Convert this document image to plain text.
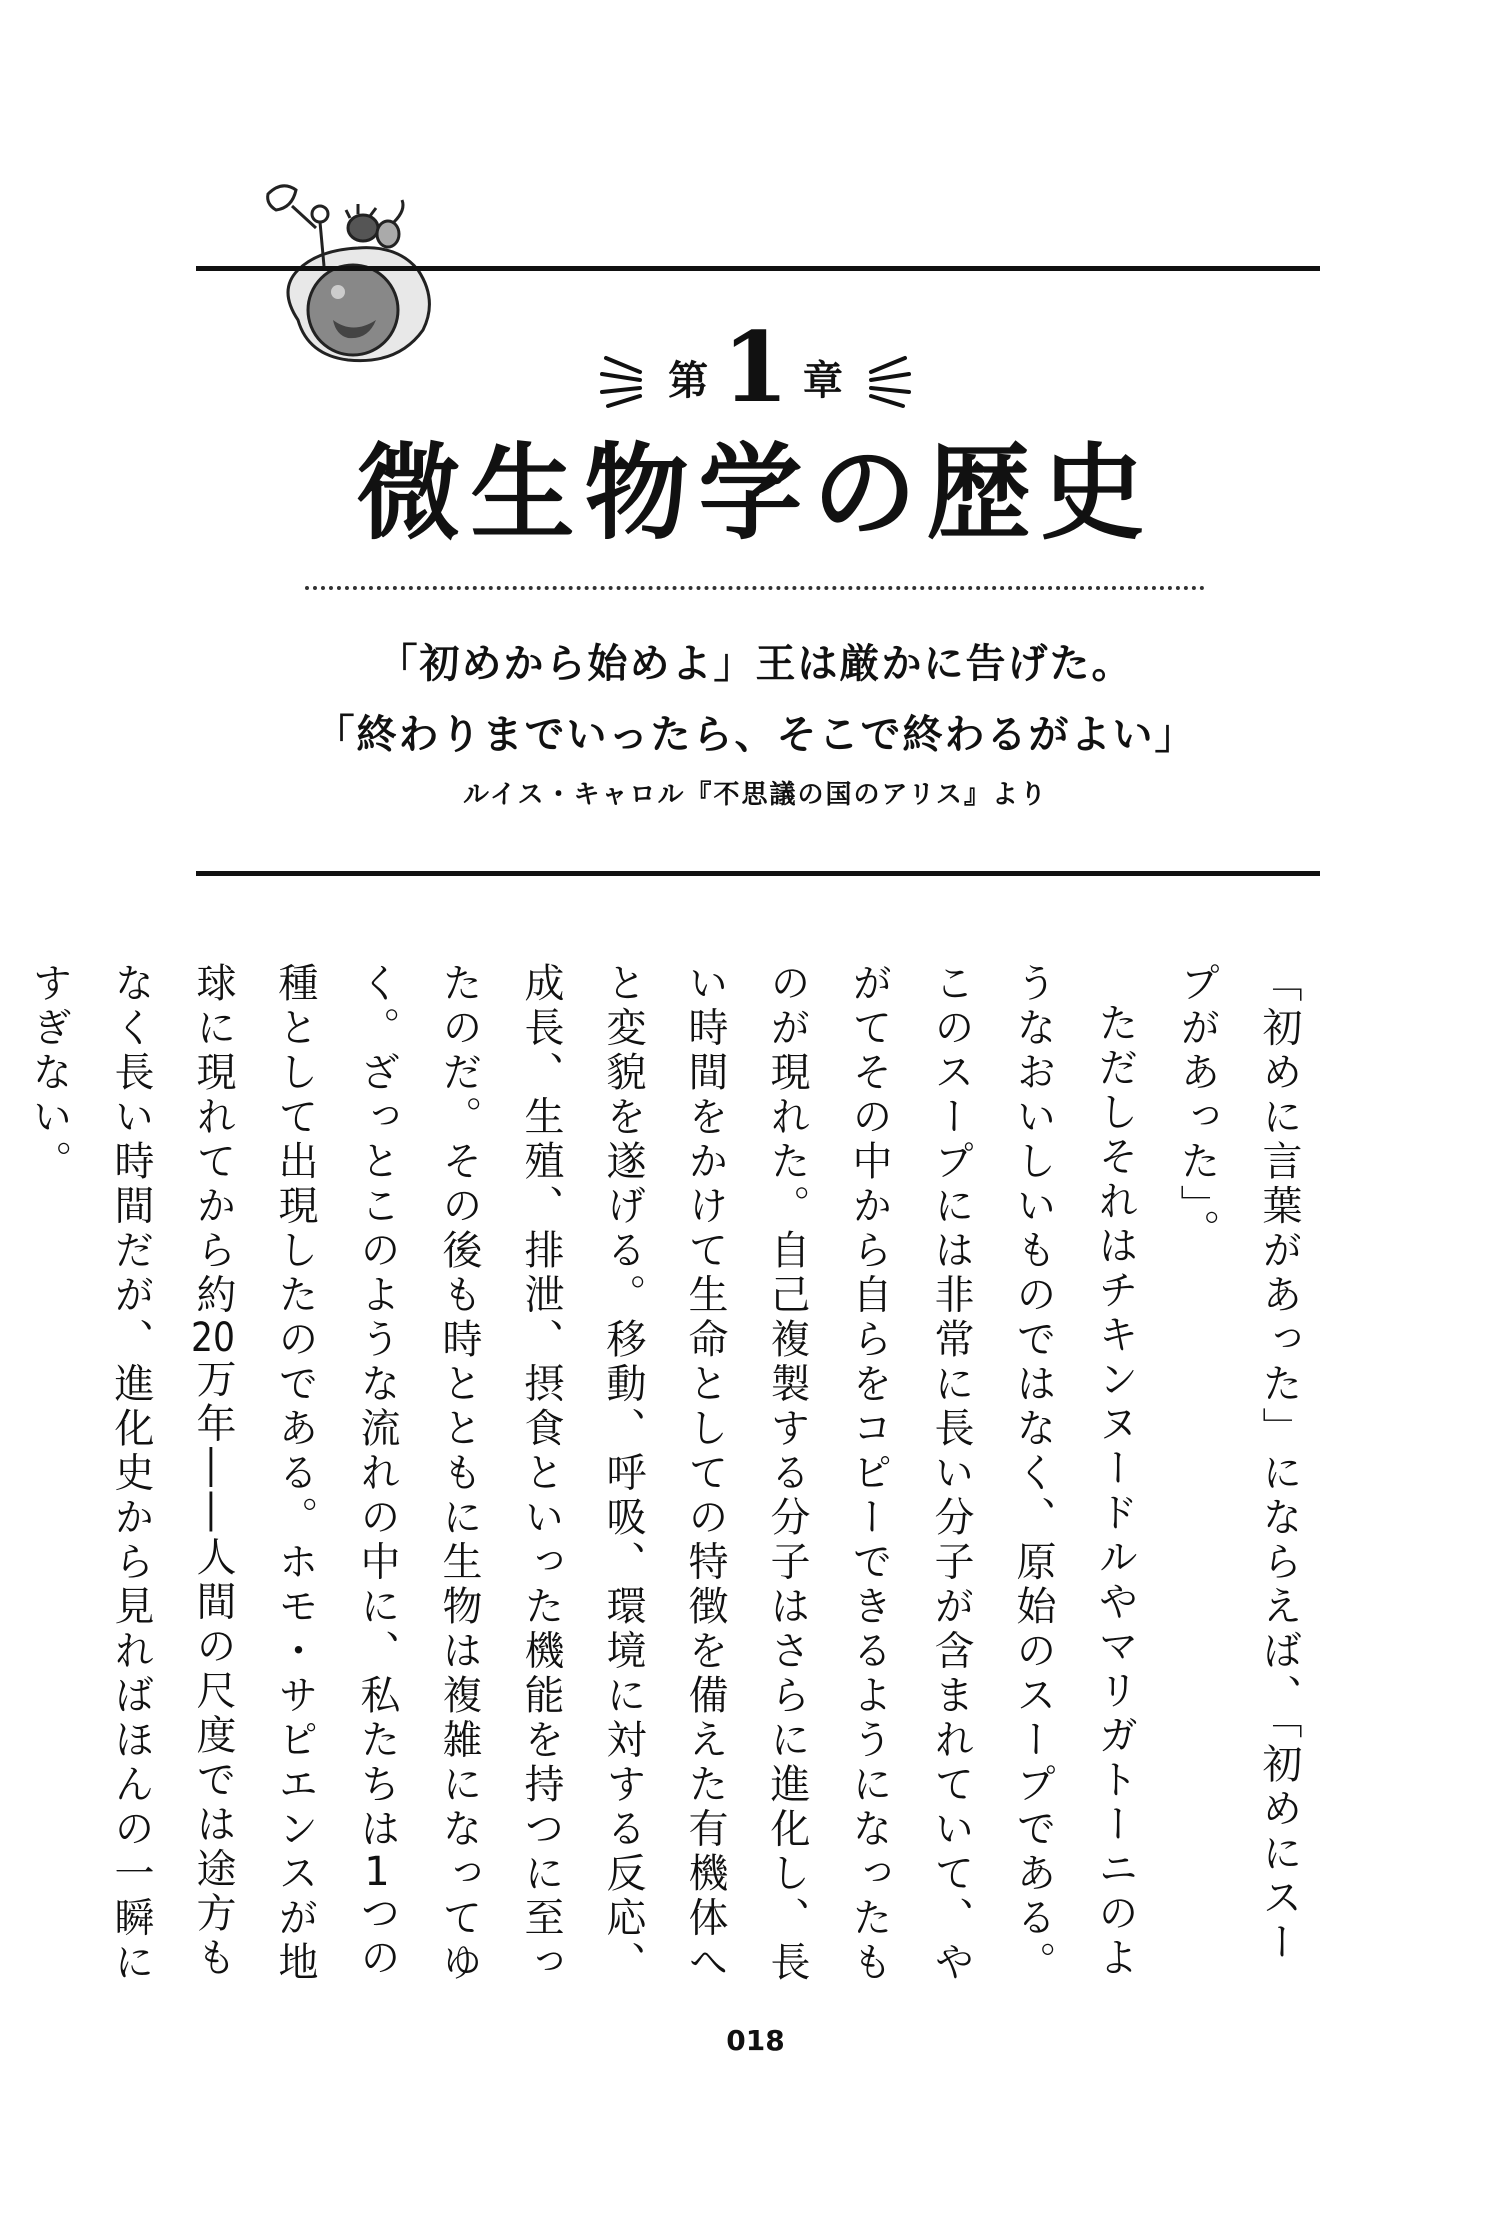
第 1 章
微生物学の歴史
「初めから始めよ」王は厳かに告げた。
「終わりまでいったら、そこで終わるがよい」
ルイス・キャロル『不思議の国のアリス』より

「初めに言葉があった」にならえば、「初めにスープがあった」。

ただしそれはチキンヌードルやマリガトーニのようなおいしいものではなく、原始のスープである。このスープには非常に長い分子が含まれていて、やがてその中から自らをコピーできるようになったものが現れた。自己複製する分子はさらに進化し、長い時間をかけて生命としての特徴を備えた有機体へと変貌を遂げる。移動、呼吸、環境に対する反応、成長、生殖、排泄、摂食といった機能を持つに至ったのだ。その後も時とともに生物は複雑になってゆく。ざっとこのような流れの中に、私たちは1つの種として出現したのである。ホモ・サピエンスが地球に現れてから約20万年――人間の尺度では途方もなく長い時間だが、進化史から見ればほんの一瞬にすぎない。

018
